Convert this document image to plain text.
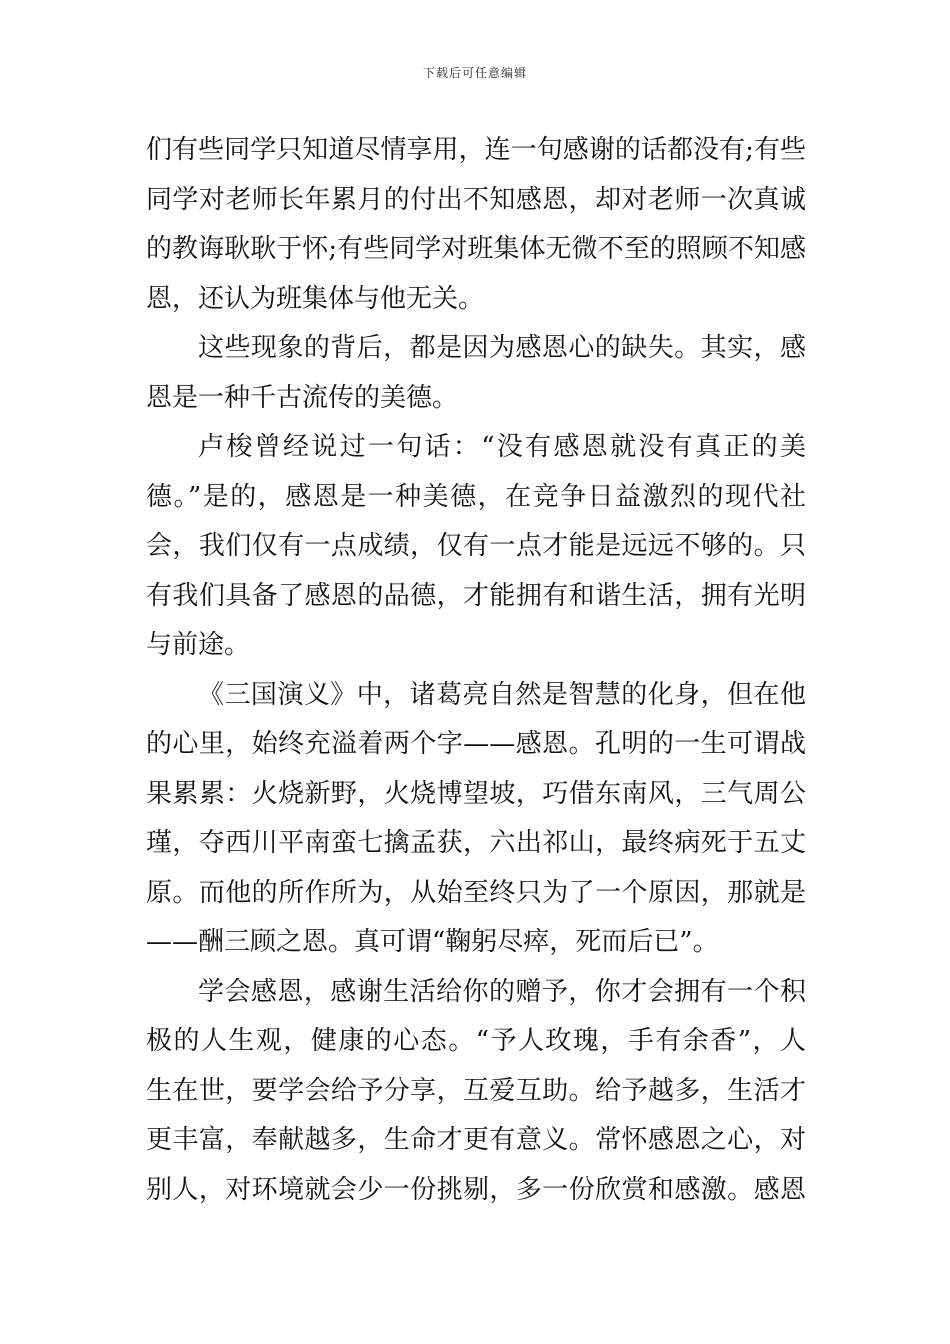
下载后可任意编辑
们有些同学只知道尽情享用，连一句感谢的话都没有;有些
同学对老师长年累月的付出不知感恩，却对老师一次真诚
的教诲耿耿于怀;有些同学对班集体无微不至的照顾不知感
恩，还认为班集体与他无关。
这些现象的背后，都是因为感恩心的缺失。其实，感
恩是一种千古流传的美德。
卢梭曾经说过一句话：“没有感恩就没有真正的美
德。”是的，感恩是一种美德，在竞争日益激烈的现代社
会，我们仅有一点成绩，仅有一点才能是远远不够的。只
有我们具备了感恩的品德，才能拥有和谐生活，拥有光明
与前途。
《三国演义》中，诸葛亮自然是智慧的化身，但在他
的心里，始终充溢着两个字——感恩。孔明的一生可谓战
果累累：火烧新野，火烧博望坡，巧借东南风，三气周公
瑾，夺西川平南蛮七擒孟获，六出祁山，最终病死于五丈
原。而他的所作所为，从始至终只为了一个原因，那就是
——酬三顾之恩。真可谓“鞠躬尽瘁，死而后已”。
学会感恩，感谢生活给你的赠予，你才会拥有一个积
极的人生观，健康的心态。“予人玫瑰，手有余香”，人
生在世，要学会给予分享，互爱互助。给予越多，生活才
更丰富，奉献越多，生命才更有意义。常怀感恩之心，对
别人，对环境就会少一份挑剔，多一份欣赏和感激。感恩
